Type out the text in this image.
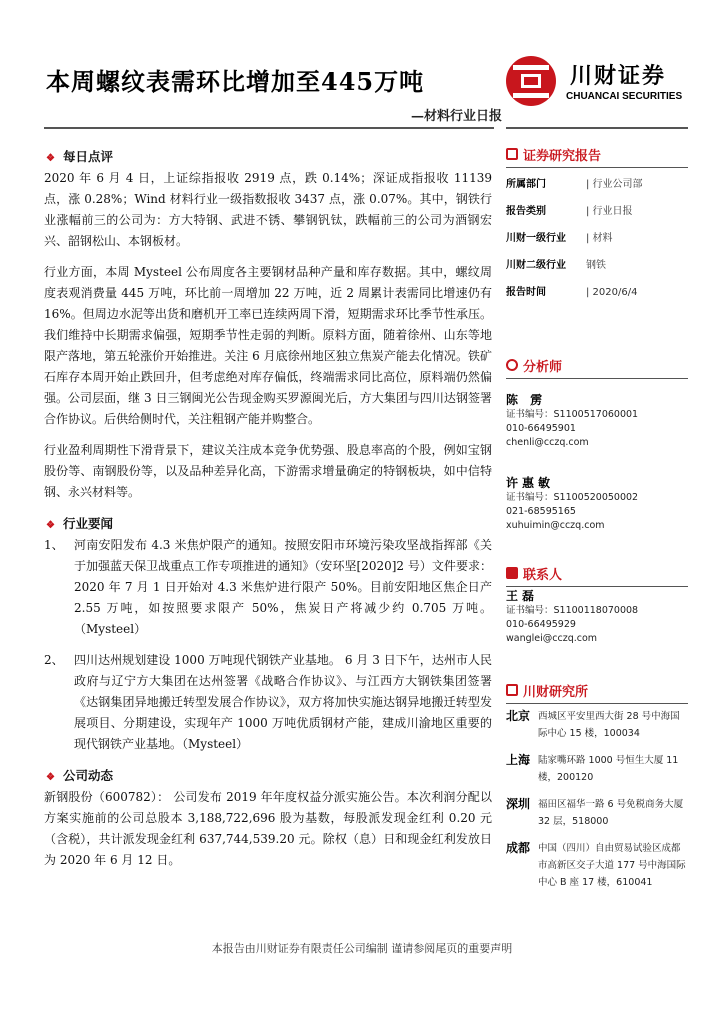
本周螺纹表需环比增加至445万吨
—材料行业日报
川财证券
CHUANCAI SECURITIES
❖ 每日点评
2020 年 6 月 4 日，上证综指报收 2919 点，跌 0.14%；深证成指报收 11139 点，涨 0.28%；Wind 材料行业一级指数报收 3437 点，涨 0.07%。其中，钢铁行业涨幅前三的公司为：方大特钢、武进不锈、攀钢钒钛，跌幅前三的公司为酒钢宏兴、韶钢松山、本钢板材。
行业方面，本周 Mysteel 公布周度各主要钢材品种产量和库存数据。其中，螺纹周度表观消费量 445 万吨，环比前一周增加 22 万吨，近 2 周累计表需同比增速仍有 16%。但周边水泥等出货和磨机开工率已连续两周下滑，短期需求环比季节性承压。我们维持中长期需求偏强，短期季节性走弱的判断。原料方面，随着徐州、山东等地限产落地，第五轮涨价开始推进。关注 6 月底徐州地区独立焦炭产能去化情况。铁矿石库存本周开始止跌回升，但考虑绝对库存偏低，终端需求同比高位，原料端仍然偏强。公司层面，继 3 日三钢闽光公告现金购买罗源闽光后，方大集团与四川达钢签署合作协议。后供给侧时代，关注粗钢产能并购整合。
行业盈利周期性下滑背景下，建议关注成本竞争优势强、股息率高的个股，例如宝钢股份等、南钢股份等，以及品种差异化高，下游需求增量确定的特钢板块，如中信特钢、永兴材料等。
❖ 行业要闻
1、 河南安阳发布 4.3 米焦炉限产的通知。按照安阳市环境污染攻坚战指挥部《关于加强蓝天保卫战重点工作专项推进的通知》（安环坚[2020]2 号）文件要求：2020 年 7 月 1 日开始对 4.3 米焦炉进行限产 50%。目前安阳地区焦企日产 2.55 万吨，如按照要求限产 50%，焦炭日产将减少约 0.705 万吨。（Mysteel）
2、 四川达州规划建设 1000 万吨现代钢铁产业基地。 6 月 3 日下午，达州市人民政府与辽宁方大集团在达州签署《战略合作协议》、与江西方大钢铁集团签署《达钢集团异地搬迁转型发展合作协议》，双方将加快实施达钢异地搬迁转型发展项目、分期建设，实现年产 1000 万吨优质钢材产能，建成川渝地区重要的现代钢铁产业基地。（Mysteel）
❖ 公司动态
新钢股份（600782）： 公司发布 2019 年年度权益分派实施公告。本次利润分配以方案实施前的公司总股本 3,188,722,696 股为基数，每股派发现金红利 0.20 元（含税），共计派发现金红利 637,744,539.20 元。除权（息）日和现金红利发放日为 2020 年 6 月 12 日。
证券研究报告
所属部门	| 行业公司部
报告类别	| 行业日报
川财一级行业	| 材料
川财二级行业	钢铁
报告时间	| 2020/6/4
分析师
陈 雳
证书编号：S1100517060001
010-66495901
chenli@cczq.com
许惠敏
证书编号：S1100520050002
021-68595165
xuhuimin@cczq.com
联系人
王磊
证书编号：S1100118070008
010-66495929
wanglei@cczq.com
川财研究所
北京 西城区平安里西大街 28 号中海国际中心 15 楼，100034
上海 陆家嘴环路 1000 号恒生大厦 11 楼，200120
深圳 福田区福华一路 6 号免税商务大厦 32 层，518000
成都 中国（四川）自由贸易试验区成都市高新区交子大道 177 号中海国际中心 B 座 17 楼，610041
本报告由川财证券有限责任公司编制 谨请参阅尾页的重要声明
